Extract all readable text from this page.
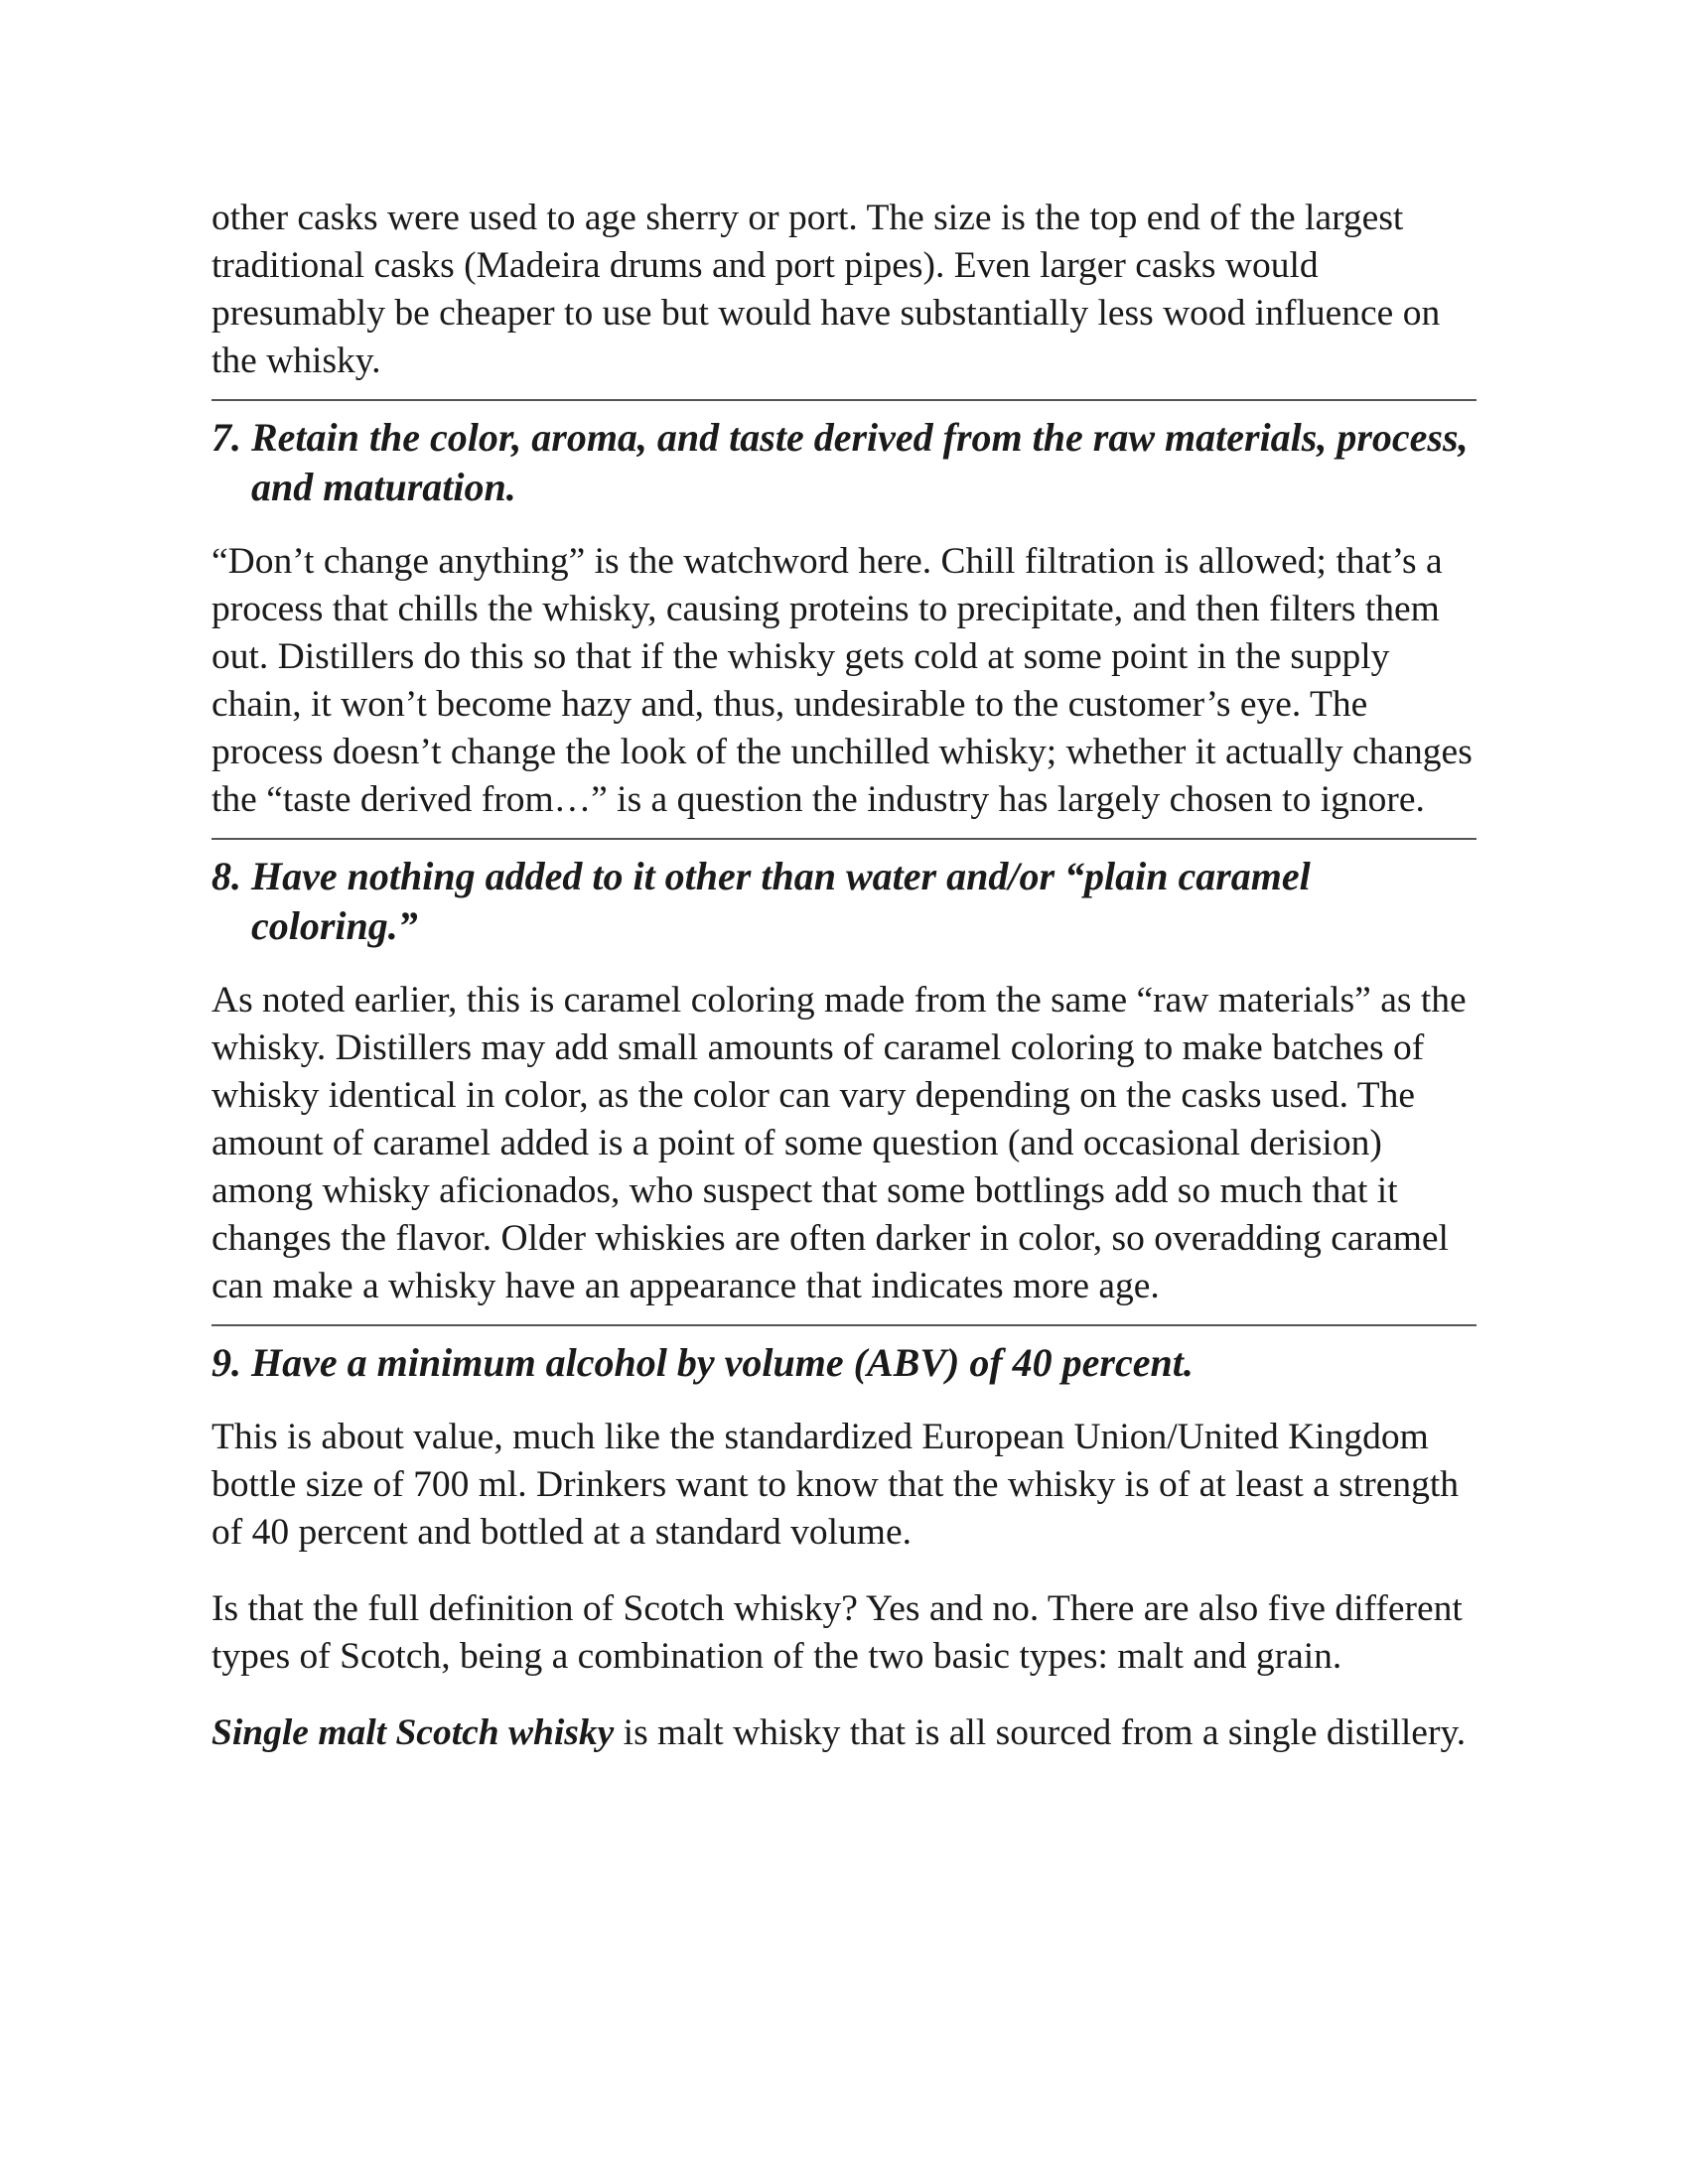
other casks were used to age sherry or port. The size is the top end of the largest traditional casks (Madeira drums and port pipes). Even larger casks would presumably be cheaper to use but would have substantially less wood influence on the whisky.

7. Retain the color, aroma, and taste derived from the raw materials, process, and maturation.

“Don’t change anything” is the watchword here. Chill filtration is allowed; that’s a process that chills the whisky, causing proteins to precipitate, and then filters them out. Distillers do this so that if the whisky gets cold at some point in the supply chain, it won’t become hazy and, thus, undesirable to the customer’s eye. The process doesn’t change the look of the unchilled whisky; whether it actually changes the “taste derived from…” is a question the industry has largely chosen to ignore.

8. Have nothing added to it other than water and/or “plain caramel coloring.”

As noted earlier, this is caramel coloring made from the same “raw materials” as the whisky. Distillers may add small amounts of caramel coloring to make batches of whisky identical in color, as the color can vary depending on the casks used. The amount of caramel added is a point of some question (and occasional derision) among whisky aficionados, who suspect that some bottlings add so much that it changes the flavor. Older whiskies are often darker in color, so overadding caramel can make a whisky have an appearance that indicates more age.

9. Have a minimum alcohol by volume (ABV) of 40 percent.

This is about value, much like the standardized European Union/United Kingdom bottle size of 700 ml. Drinkers want to know that the whisky is of at least a strength of 40 percent and bottled at a standard volume.

Is that the full definition of Scotch whisky? Yes and no. There are also five different types of Scotch, being a combination of the two basic types: malt and grain.

Single malt Scotch whisky is malt whisky that is all sourced from a single distillery.
